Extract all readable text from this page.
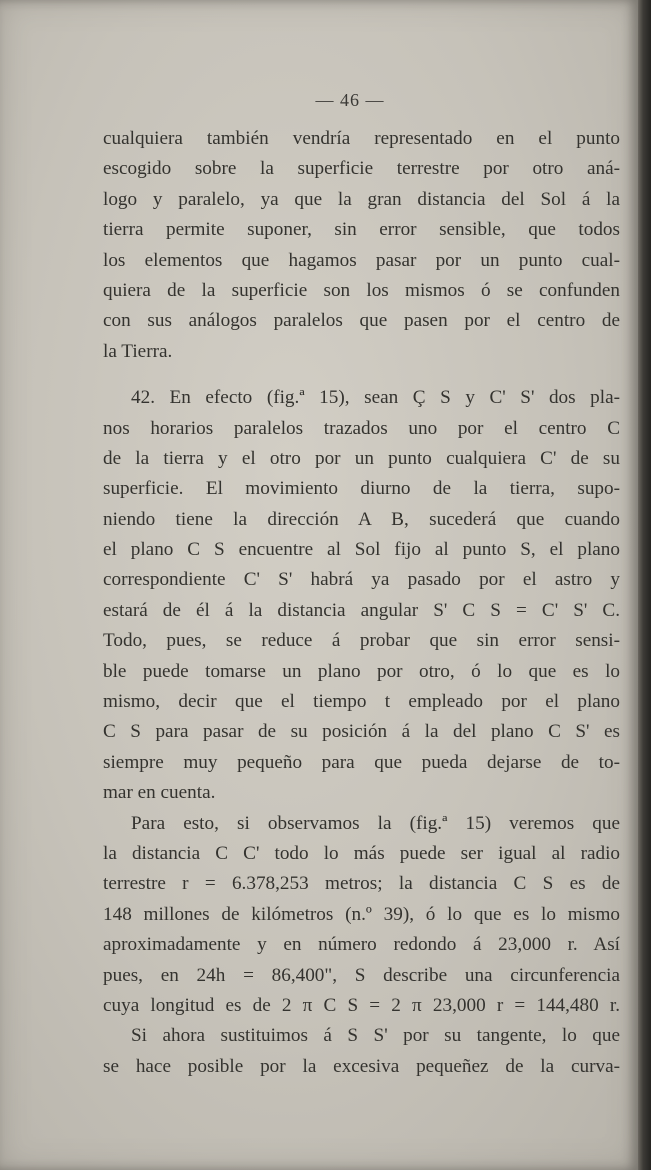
— 46 —
cualquiera también vendría representado en el punto
escogido sobre la superficie terrestre por otro aná-
logo y paralelo, ya que la gran distancia del Sol á la
tierra permite suponer, sin error sensible, que todos
los elementos que hagamos pasar por un punto cual-
quiera de la superficie son los mismos ó se confunden
con sus análogos paralelos que pasen por el centro de
la Tierra.
42. En efecto (fig.ª 15), sean Ç S y C' S' dos pla-
nos horarios paralelos trazados uno por el centro C
de la tierra y el otro por un punto cualquiera C' de su
superficie. El movimiento diurno de la tierra, supo-
niendo tiene la dirección A B, sucederá que cuando
el plano C S encuentre al Sol fijo al punto S, el plano
correspondiente C' S' habrá ya pasado por el astro y
estará de él á la distancia angular S' C S = C' S' C.
Todo, pues, se reduce á probar que sin error sensi-
ble puede tomarse un plano por otro, ó lo que es lo
mismo, decir que el tiempo t empleado por el plano
C S para pasar de su posición á la del plano C S' es
siempre muy pequeño para que pueda dejarse de to-
mar en cuenta.
Para esto, si observamos la (fig.ª 15) veremos que
la distancia C C' todo lo más puede ser igual al radio
terrestre r = 6.378,253 metros; la distancia C S es de
148 millones de kilómetros (n.º 39), ó lo que es lo mismo
aproximadamente y en número redondo á 23,000 r. Así
pues, en 24h = 86,400", S describe una circunferencia
cuya longitud es de 2 π C S = 2 π 23,000 r = 144,480 r.
Si ahora sustituimos á S S' por su tangente, lo que
se hace posible por la excesiva pequeñez de la curva-
